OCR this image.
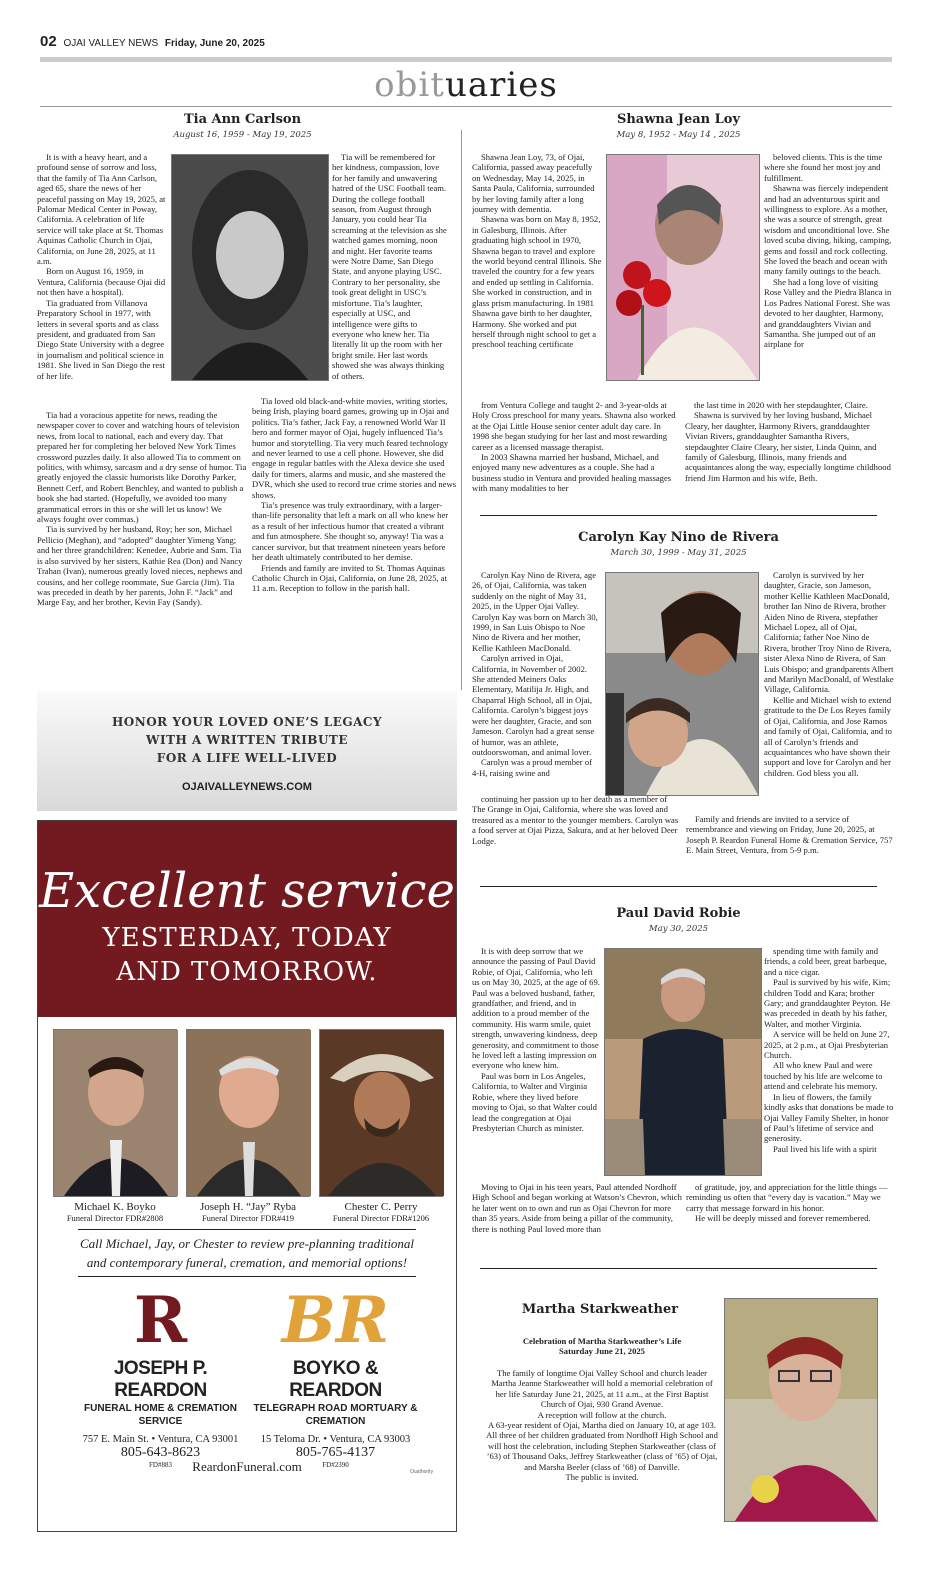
02 OJAI VALLEY NEWS Friday, June 20, 2025
obituaries
Tia Ann Carlson
August 16, 1959 - May 19, 2025

It is with a heavy heart, and a profound sense of sorrow and loss, that the family of Tia Ann Carlson, aged 65, share the news of her peaceful passing on May 19, 2025, at Palomar Medical Center in Poway, California. A celebration of life service will take place at St. Thomas Aquinas Catholic Church in Ojai, California, on June 28, 2025, at 11 a.m.

Born on August 16, 1959, in Ventura, California (because Ojai did not then have a hospital).

Tia graduated from Villanova Preparatory School in 1977, with letters in several sports and as class president, and graduated from San Diego State University with a degree in journalism and political science in 1981. She lived in San Diego the rest of her life.

Tia will be remembered for her kindness, compassion, love for her family and unwavering hatred of the USC Football team. During the college football season, from August through January, you could hear Tia screaming at the television as she watched games morning, noon and night. Her favorite teams were Notre Dame, San Diego State, and anyone playing USC. Contrary to her personality, she took great delight in USC’s misfortune. Tia’s laughter, especially at USC, and intelligence were gifts to everyone who knew her. Tia literally lit up the room with her bright smile. Her last words showed she was always thinking of others.

Tia loved old black-and-white movies, writing stories, being Irish, playing board games, growing up in Ojai and politics. Tia’s father, Jack Fay, a renowned World War II hero and former mayor of Ojai, hugely influenced Tia’s humor and storytelling. Tia very much feared technology and never learned to use a cell phone. However, she did engage in regular battles with the Alexa device she used daily for timers, alarms and music, and she mastered the DVR, which she used to record true crime stories and news shows.

Tia’s presence was truly extraordinary, with a larger-than-life personality that left a mark on all who knew her as a result of her infectious humor that created a vibrant and fun atmosphere. She thought so, anyway! Tia was a cancer survivor, but that treatment nineteen years before her death ultimately contributed to her demise.

Friends and family are invited to St. Thomas Aquinas Catholic Church in Ojai, California, on June 28, 2025, at 11 a.m. Reception to follow in the parish hall.

Tia had a voracious appetite for news, reading the newspaper cover to cover and watching hours of television news, from local to national, each and every day. That prepared her for completing her beloved New York Times crossword puzzles daily. It also allowed Tia to comment on politics, with whimsy, sarcasm and a dry sense of humor. Tia greatly enjoyed the classic humorists like Dorothy Parker, Bennett Cerf, and Robert Benchley, and wanted to publish a book she had started. (Hopefully, we avoided too many grammatical errors in this or she will let us know! We always fought over commas.)

Tia is survived by her husband, Roy; her son, Michael Pellicio (Meghan), and “adopted” daughter Yimeng Yang; and her three grandchildren: Kenedee, Aubrie and Sam. Tia is also survived by her sisters, Kathie Rea (Don) and Nancy Trahan (Ivan), numerous greatly loved nieces, nephews and cousins, and her college roommate, Sue Garcia (Jim). Tia was preceded in death by her parents, John F. “Jack” and Marge Fay, and her brother, Kevin Fay (Sandy).

Shawna Jean Loy
May 8, 1952 - May 14 , 2025

Shawna Jean Loy, 73, of Ojai, California, passed away peacefully on Wednesday, May 14, 2025, in Santa Paula, California, surrounded by her loving family after a long journey with dementia.

Shawna was born on May 8, 1952, in Galesburg, Illinois. After graduating high school in 1970, Shawna began to travel and explore the world beyond central Illinois. She traveled the country for a few years and ended up settling in California. She worked in construction, and in glass prism manufacturing. In 1981 Shawna gave birth to her daughter, Harmony. She worked and put herself through night school to get a preschool teaching certificate

beloved clients. This is the time where she found her most joy and fulfillment.

Shawna was fiercely independent and had an adventurous spirit and willingness to explore. As a mother, she was a source of strength, great wisdom and unconditional love. She loved scuba diving, hiking, camping, gems and fossil and rock collecting. She loved the beach and ocean with many family outings to the beach.

She had a long love of visiting Rose Valley and the Piedra Blanca in Los Padres National Forest. She was devoted to her daughter, Harmony, and granddaughters Vivian and Samantha. She jumped out of an airplane for

from Ventura College and taught 2- and 3-year-olds at Holy Cross preschool for many years. Shawna also worked at the Ojai Little House senior center adult day care. In 1998 she began studying for her last and most rewarding career as a licensed massage therapist.

In 2003 Shawna married her husband, Michael, and enjoyed many new adventures as a couple. She had a business studio in Ventura and provided healing massages with many modalities to her

the last time in 2020 with her stepdaughter, Claire.

Shawna is survived by her loving husband, Michael Cleary, her daughter, Harmony Rivers, granddaughter Vivian Rivers, granddaughter Samantha Rivers, stepdaughter Claire Cleary, her sister, Linda Quinn, and family of Galesburg, Illinois, many friends and acquaintances along the way, especially longtime childhood friend Jim Harmon and his wife, Beth.

Carolyn Kay Nino de Rivera
March 30, 1999 - May 31, 2025

Carolyn Kay Nino de Rivera, age 26, of Ojai, California, was taken suddenly on the night of May 31, 2025, in the Upper Ojai Valley. Carolyn Kay was born on March 30, 1999, in San Luis Obispo to Noe Nino de Rivera and her mother, Kellie Kathleen MacDonald.

Carolyn arrived in Ojai, California, in November of 2002. She attended Meiners Oaks Elementary, Matilija Jr. High, and Chaparral High School, all in Ojai, California. Carolyn’s biggest joys were her daughter, Gracie, and son Jameson. Carolyn had a great sense of humor, was an athlete, outdoorswoman, and animal lover.

Carolyn was a proud member of 4-H, raising swine and

Carolyn is survived by her daughter, Gracie, son Jameson, mother Kellie Kathleen MacDonald, brother Ian Nino de Rivera, brother Aiden Nino de Rivera, stepfather Michael Lopez, all of Ojai, California; father Noe Nino de Rivera, brother Troy Nino de Rivera, sister Alexa Nino de Rivera, of San Luis Obispo; and grandparents Albert and Marilyn MacDonald, of Westlake Village, California.

Kellie and Michael wish to extend gratitude to the De Los Reyes family of Ojai, California, and Jose Ramos and family of Ojai, California, and to all of Carolyn’s friends and acquaintances who have shown their support and love for Carolyn and her children. God bless you all.

continuing her passion up to her death as a member of The Grange in Ojai, California, where she was loved and treasured as a mentor to the younger members. Carolyn was a food server at Ojai Pizza, Sakura, and at her beloved Deer Lodge.

Family and friends are invited to a service of remembrance and viewing on Friday, June 20, 2025, at Joseph P. Reardon Funeral Home & Cremation Service, 757 E. Main Street, Ventura, from 5-9 p.m.

Paul David Robie
May 30, 2025

It is with deep sorrow that we announce the passing of Paul David Robie, of Ojai, California, who left us on May 30, 2025, at the age of 69. Paul was a beloved husband, father, grandfather, and friend, and in addition to a proud member of the community. His warm smile, quiet strength, unwavering kindness, deep generosity, and commitment to those he loved left a lasting impression on everyone who knew him.

Paul was born in Los Angeles, California, to Walter and Virginia Robie, where they lived before moving to Ojai, so that Walter could lead the congregation at Ojai Presbyterian Church as minister.

spending time with family and friends, a cold beer, great barbeque, and a nice cigar.

Paul is survived by his wife, Kim; children Todd and Kara; brother Gary; and granddaughter Peyton. He was preceded in death by his father, Walter, and mother Virginia.

A service will be held on June 27, 2025, at 2 p.m., at Ojai Presbyterian Church.

All who knew Paul and were touched by his life are welcome to attend and celebrate his memory.

In lieu of flowers, the family kindly asks that donations be made to Ojai Valley Family Shelter, in honor of Paul’s lifetime of service and generosity.

Paul lived his life with a spirit

Moving to Ojai in his teen years, Paul attended Nordhoff High School and began working at Watson’s Chevron, which he later went on to own and run as Ojai Chevron for more than 35 years. Aside from being a pillar of the community, there is nothing Paul loved more than

of gratitude, joy, and appreciation for the little things — reminding us often that “every day is vacation.” May we carry that message forward in his honor.

He will be deeply missed and forever remembered.

Martha Starkweather

Celebration of Martha Starkweather’s Life

Saturday June 21, 2025

The family of longtime Ojai Valley School and church leader Martha Jeanne Starkweather will hold a memorial celebration of her life Saturday June 21, 2025, at 11 a.m., at the First Baptist Church of Ojai, 930 Grand Avenue.

A reception will follow at the church.

A 63-year resident of Ojai, Martha died on January 10, at age 103.

All three of her children graduated from Nordhoff High School and will host the celebration, including Stephen Starkweather (class of ’63) of Thousand Oaks, Jeffrey Starkweather (class of ’65) of Ojai, and Marsha Beeler (class of ’68) of Danville.

The public is invited.

HONOR YOUR LOVED ONE’S LEGACY
WITH A WRITTEN TRIBUTE
FOR A LIFE WELL-LIVED
OJAIVALLEYNEWS.COM
Excellent service
YESTERDAY, TODAY
AND TOMORROW.
Michael K. Boyko
Funeral Director FDR#2808
Joseph H. “Jay” Ryba
Funeral Director FDR#419
Chester C. Perry
Funeral Director FDR#1206
Call Michael, Jay, or Chester to review pre-planning traditional
and contemporary funeral, cremation, and memorial options!
R
JOSEPH P. REARDON
FUNERAL HOME & CREMATION SERVICE
757 E. Main St. • Ventura, CA 93001
805-643-8623
FD#883
BR
BOYKO & REARDON
TELEGRAPH ROAD MORTUARY & CREMATION
15 Teloma Dr. • Ventura, CA 93003
805-765-4137
FD#2390
ReardonFuneral.com	Ouathority
